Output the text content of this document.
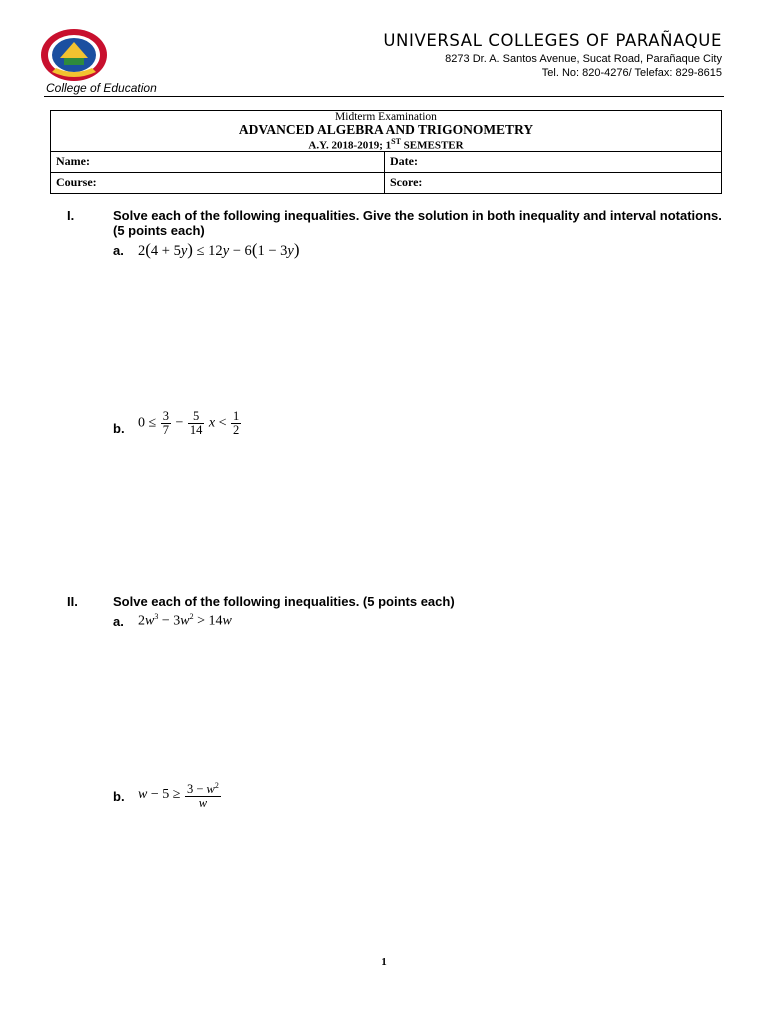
UNIVERSAL COLLEGES OF PARAÑAQUE
8273 Dr. A. Santos Avenue, Sucat Road, Parañaque City
Tel. No: 820-4276/ Telefax: 829-8615
College of Education
Midterm Examination
ADVANCED ALGEBRA AND TRIGONOMETRY
A.Y. 2018-2019; 1ST SEMESTER
Name:	Date:
Course:	Score:
I.	Solve each of the following inequalities. Give the solution in both inequality and interval notations. (5 points each)
a. 2(4 + 5y) ≤ 12y − 6(1 − 3y)
b. $0 \le \frac{3}{7} - \frac{5}{14}$ $x < \frac{1}{2}$
II.	Solve each of the following inequalities. (5 points each)
a. $2w^3 - 3w^2 > 14w$
b. $w - 5 \ge \frac{3 - w^2}{w}$
1
